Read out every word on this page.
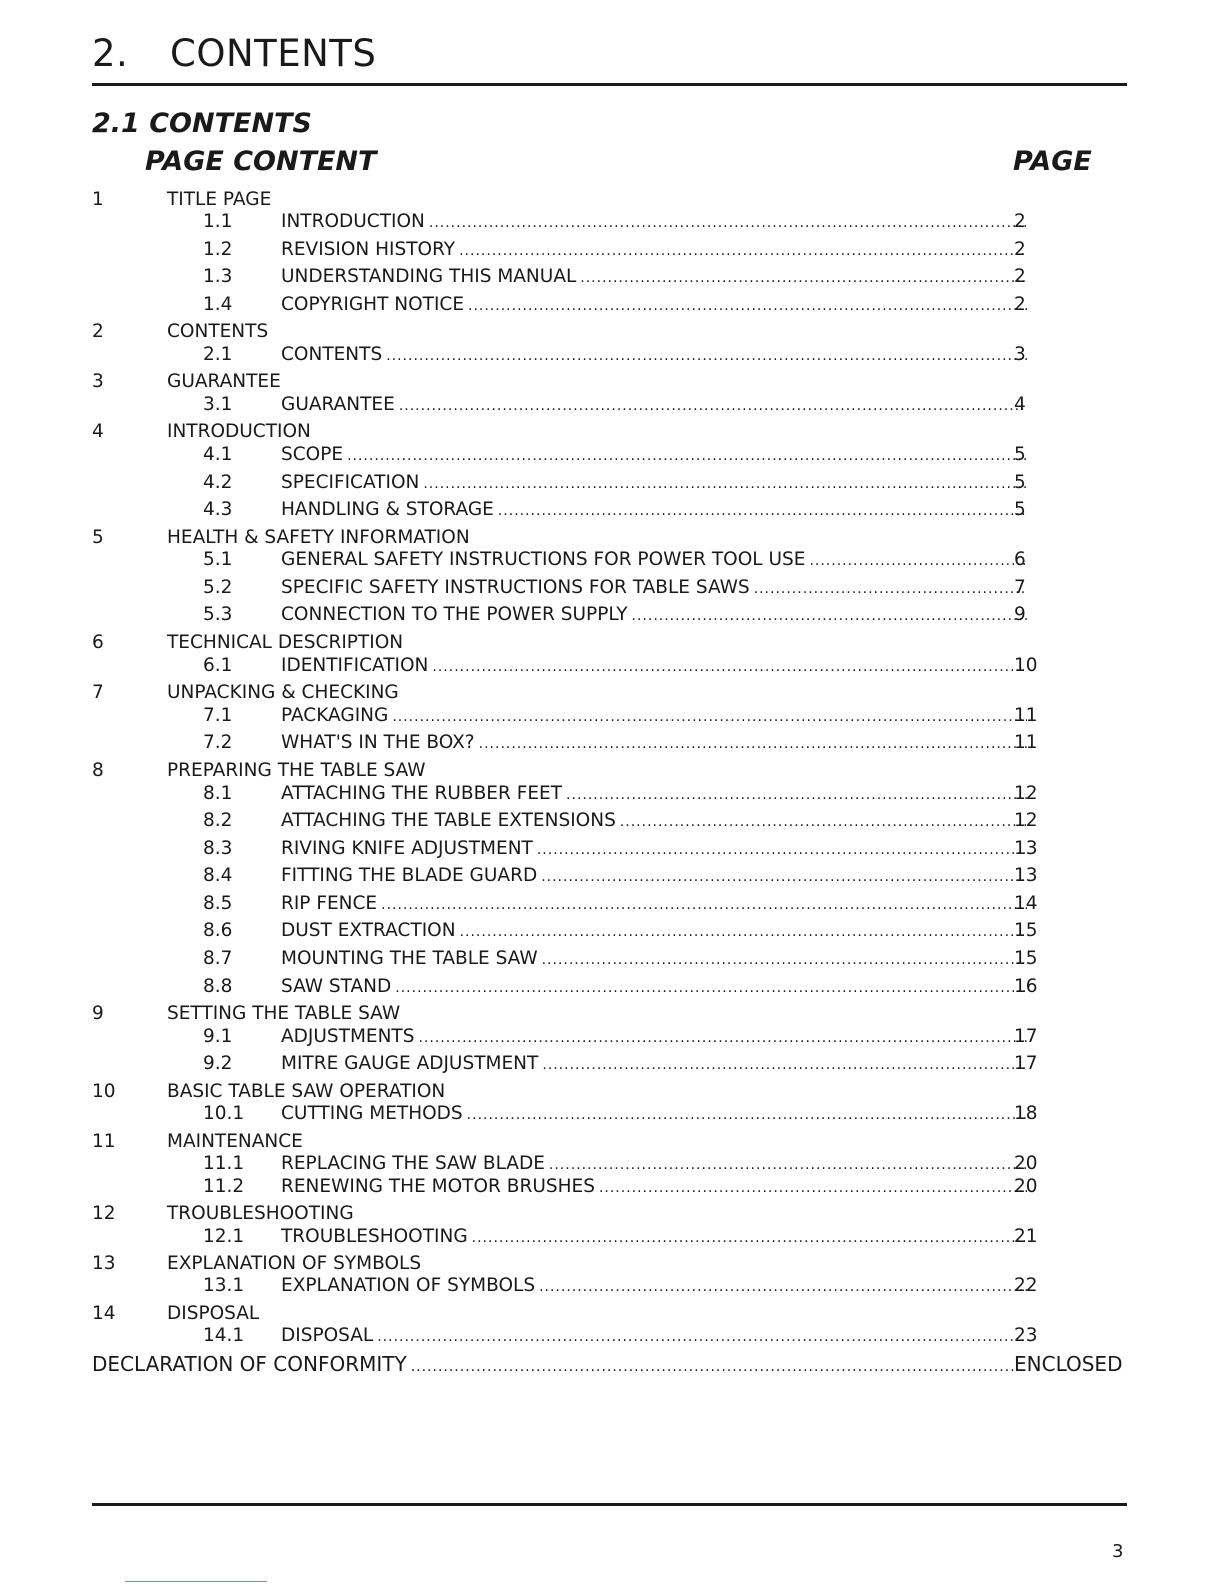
2. CONTENTS
2.1 CONTENTS
PAGE CONTENT	PAGE
1	TITLE PAGE
1.1	INTRODUCTION .....	2
1.2	REVISION HISTORY .....	2
1.3	UNDERSTANDING THIS MANUAL .....	2
1.4	COPYRIGHT NOTICE .....	2
2	CONTENTS
2.1	CONTENTS .....	3
3	GUARANTEE
3.1	GUARANTEE .....	4
4	INTRODUCTION
4.1	SCOPE .....	5
4.2	SPECIFICATION .....	5
4.3	HANDLING & STORAGE .....	5
5	HEALTH & SAFETY INFORMATION
5.1	GENERAL SAFETY INSTRUCTIONS FOR POWER TOOL USE .....	6
5.2	SPECIFIC SAFETY INSTRUCTIONS FOR TABLE SAWS .....	7
5.3	CONNECTION TO THE POWER SUPPLY .....	9
6	TECHNICAL DESCRIPTION
6.1	IDENTIFICATION .....	10
7	UNPACKING & CHECKING
7.1	PACKAGING .....	11
7.2	WHAT'S IN THE BOX? .....	11
8	PREPARING THE TABLE SAW
8.1	ATTACHING THE RUBBER FEET .....	12
8.2	ATTACHING THE TABLE EXTENSIONS .....	12
8.3	RIVING KNIFE ADJUSTMENT .....	13
8.4	FITTING THE BLADE GUARD .....	13
8.5	RIP FENCE .....	14
8.6	DUST EXTRACTION .....	15
8.7	MOUNTING THE TABLE SAW .....	15
8.8	SAW STAND .....	16
9	SETTING THE TABLE SAW
9.1	ADJUSTMENTS .....	17
9.2	MITRE GAUGE ADJUSTMENT .....	17
10	BASIC TABLE SAW OPERATION
10.1 CUTTING METHODS .....	18
11	MAINTENANCE
11.1 REPLACING THE SAW BLADE .....	20
11.2 RENEWING THE MOTOR BRUSHES .....	20
12	TROUBLESHOOTING
12.1 TROUBLESHOOTING .....	21
13	EXPLANATION OF SYMBOLS
13.1 EXPLANATION OF SYMBOLS .....	22
14	DISPOSAL
14.1 DISPOSAL .....	23
DECLARATION OF CONFORMITY .....	ENCLOSED
3
